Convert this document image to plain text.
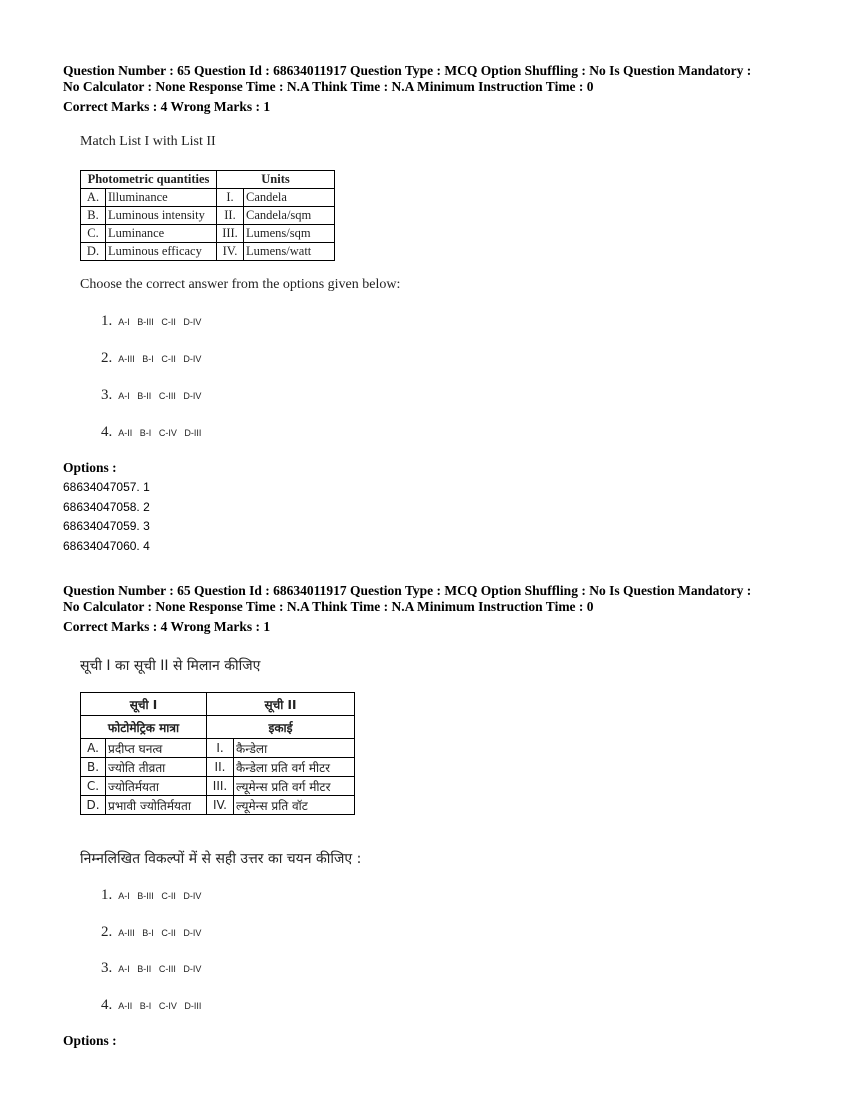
Question Number : 65 Question Id : 68634011917 Question Type : MCQ Option Shuffling : No Is Question Mandatory :
No Calculator : None Response Time : N.A Think Time : N.A Minimum Instruction Time : 0
Correct Marks : 4 Wrong Marks : 1
Match List I with List II
Photometric quantities		Units	
A.	Illuminance	I.	Candela
B.	Luminous intensity	II.	Candela/sqm
C.	Luminance	III.	Lumens/sqm
D.	Luminous efficacy	IV.	Lumens/watt
Choose the correct answer from the options given below:
1. A-I B-III C-II D-IV
2. A-III B-I C-II D-IV
3. A-I B-II C-III D-IV
4. A-II B-I C-IV D-III
Options :
68634047057. 1
68634047058. 2
68634047059. 3
68634047060. 4
Question Number : 65 Question Id : 68634011917 Question Type : MCQ Option Shuffling : No Is Question Mandatory :
No Calculator : None Response Time : N.A Think Time : N.A Minimum Instruction Time : 0
Correct Marks : 4 Wrong Marks : 1
सूची I का सूची II से मिलान कीजिए
सूची I		सूची II	
फोटोमेट्रिक मात्रा		इकाई	
A.	प्रदीप्त घनत्व	I.	कैन्डेला
B.	ज्योति तीव्रता	II.	कैन्डेला प्रति वर्ग मीटर
C.	ज्योतिर्मयता	III.	ल्यूमेन्स प्रति वर्ग मीटर
D.	प्रभावी ज्योतिर्मयता	IV.	ल्यूमेन्स प्रति वॉट
निम्नलिखित विकल्पों में से सही उत्तर का चयन कीजिए :
1. A-I B-III C-II D-IV
2. A-III B-I C-II D-IV
3. A-I B-II C-III D-IV
4. A-II B-I C-IV D-III
Options :
